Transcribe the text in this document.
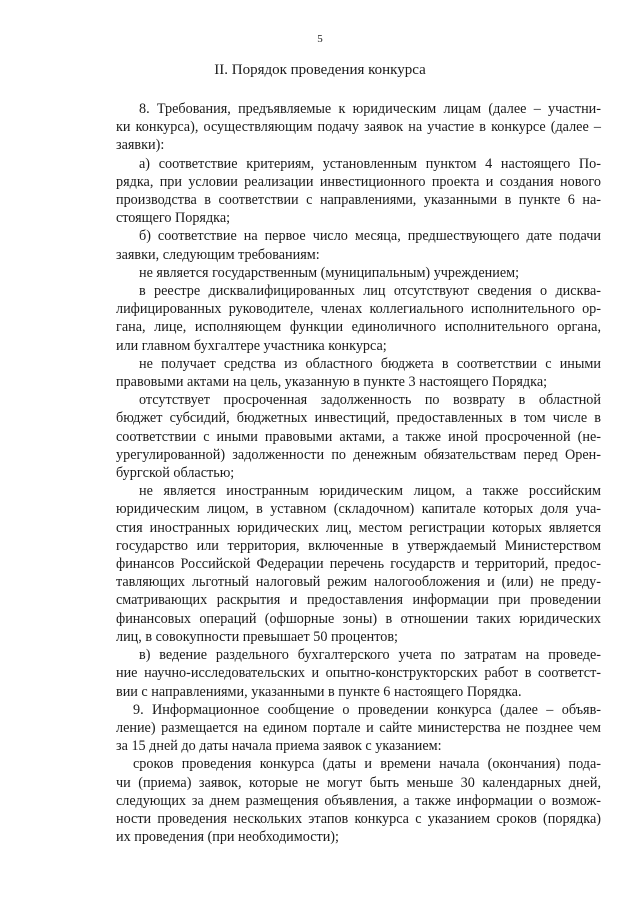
5
II. Порядок проведения конкурса
8. Требования, предъявляемые к юридическим лицам (далее – участни-
ки конкурса), осуществляющим подачу заявок на участие в конкурсе (далее –
заявки):
а) соответствие критериям, установленным пунктом 4 настоящего По-
рядка, при условии реализации инвестиционного проекта и создания нового
производства в соответствии с направлениями, указанными в пункте 6 на-
стоящего Порядка;
б) соответствие на первое число месяца, предшествующего дате подачи
заявки, следующим требованиям:
не является государственным (муниципальным) учреждением;
в реестре дисквалифицированных лиц отсутствуют сведения о дисква-
лифицированных руководителе, членах коллегиального исполнительного ор-
гана, лице, исполняющем функции единоличного исполнительного органа,
или главном бухгалтере участника конкурса;
не получает средства из областного бюджета в соответствии с иными
правовыми актами на цель, указанную в пункте 3 настоящего Порядка;
отсутствует просроченная задолженность по возврату в областной
бюджет субсидий, бюджетных инвестиций, предоставленных в том числе в
соответствии с иными правовыми актами, а также иной просроченной (не-
урегулированной) задолженности по денежным обязательствам перед Орен-
бургской областью;
не является иностранным юридическим лицом, а также российским
юридическим лицом, в уставном (складочном) капитале которых доля уча-
стия иностранных юридических лиц, местом регистрации которых является
государство или территория, включенные в утверждаемый Министерством
финансов Российской Федерации перечень государств и территорий, предос-
тавляющих льготный налоговый режим налогообложения и (или) не преду-
сматривающих раскрытия и предоставления информации при проведении
финансовых операций (офшорные зоны) в отношении таких юридических
лиц, в совокупности превышает 50 процентов;
в) ведение раздельного бухгалтерского учета по затратам на проведе-
ние научно-исследовательских и опытно-конструкторских работ в соответст-
вии с направлениями, указанными в пункте 6 настоящего Порядка.
9. Информационное сообщение о проведении конкурса (далее – объяв-
ление) размещается на едином портале и сайте министерства не позднее чем
за 15 дней до даты начала приема заявок с указанием:
сроков проведения конкурса (даты и времени начала (окончания) пода-
чи (приема) заявок, которые не могут быть меньше 30 календарных дней,
следующих за днем размещения объявления, а также информации о возмож-
ности проведения нескольких этапов конкурса с указанием сроков (порядка)
их проведения (при необходимости);
